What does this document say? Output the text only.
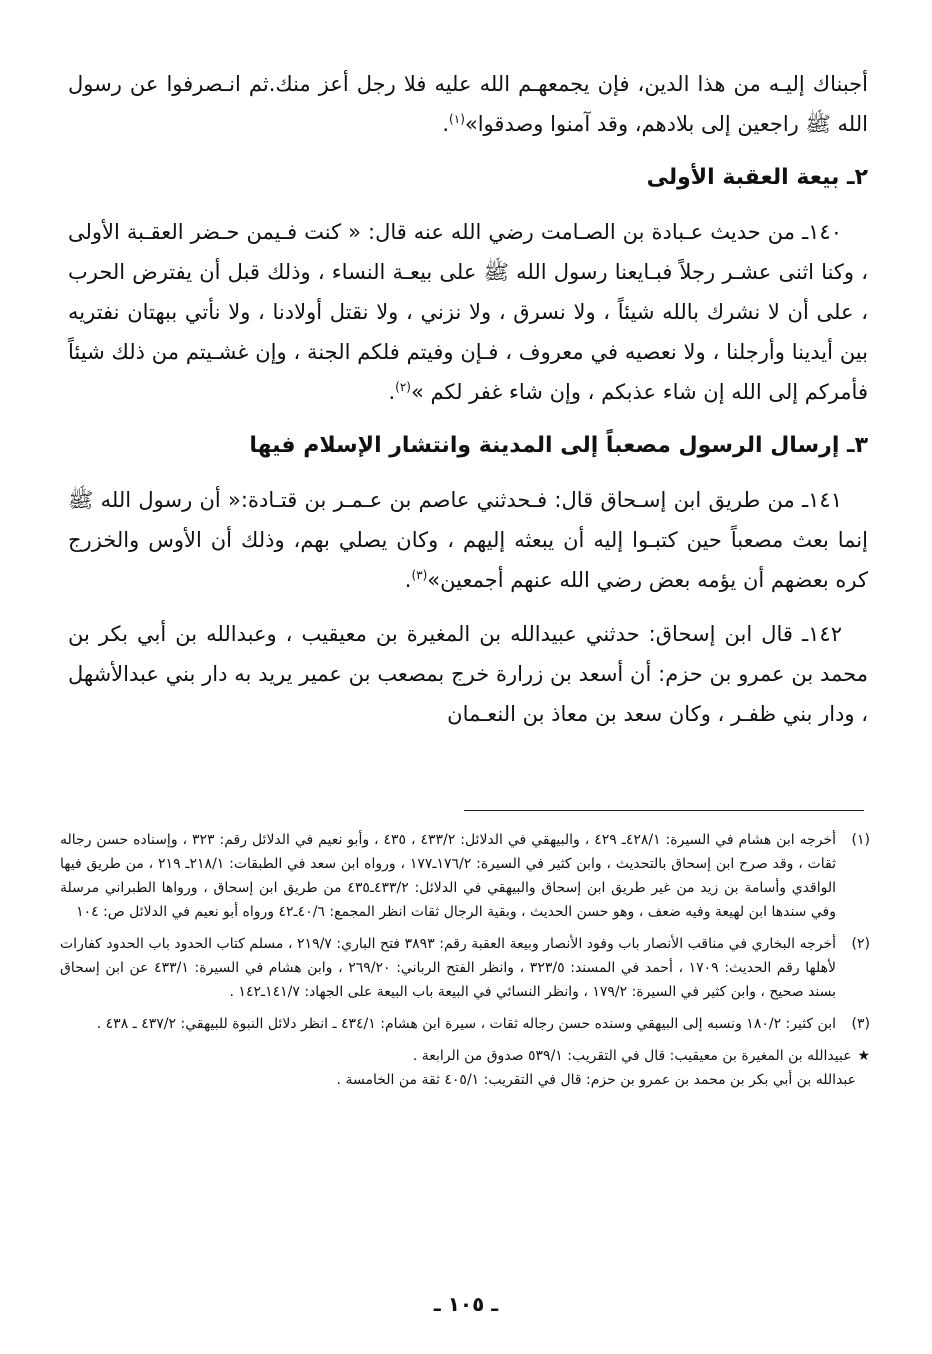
أجبناك إليـه من هذا الدين، فإن يجمعهـم الله عليه فلا رجل أعز منك.ثم انـصرفوا عن رسول الله ﷺ راجعين إلى بلادهم، وقد آمنوا وصدقوا»$^{(١)}$.

٢ـ بيعة العقبة الأولى

١٤٠ـ من حديث عـبادة بن الصـامت رضي الله عنه قال: « كنت فـيمن حـضر العقـبة الأولى ، وكنا اثنى عشـر رجلاً فبـايعنا رسول الله ﷺ على بيعـة النساء ، وذلك قبل أن يفترض الحرب ، على أن لا نشرك بالله شيئاً ، ولا نسرق ، ولا نزني ، ولا نقتل أولادنا ، ولا نأتي ببهتان نفتريه بين أيدينا وأرجلنا ، ولا نعصيه في معروف ، فـإن وفيتم فلكم الجنة ، وإن غشـيتم من ذلك شيئاً فأمركم إلى الله إن شاء عذبكم ، وإن شاء غفر لكم »$^{(٢)}$.

٣ـ إرسال الرسول مصعباً إلى المدينة وانتشار الإسلام فيها

١٤١ـ من طريق ابن إسـحاق قال: فـحدثني عاصم بن عـمـر بن قتـادة:« أن رسول الله ﷺ إنما بعث مصعباً حين كتبـوا إليه أن يبعثه إليهم ، وكان يصلي بهم، وذلك أن الأوس والخزرج كره بعضهم أن يؤمه بعض رضي الله عنهم أجمعين»$^{(٣)}$.

١٤٢ـ قال ابن إسحاق: حدثني عبيدالله بن المغيرة بن معيقيب ، وعبدالله بن أبي بكر بن محمد بن عمرو بن حزم: أن أسعد بن زرارة خرج بمصعب بن عمير يريد به دار بني عبدالأشهل ، ودار بني ظفـر ، وكان سعد بن معاذ بن النعـمان

(١)
أخرجه ابن هشام في السيرة: ٤٢٨/١ـ ٤٢٩ ، والبيهقي في الدلائل: ٤٣٣/٢ ، ٤٣٥ ، وأبو نعيم في الدلائل رقم: ٣٢٣ ، وإسناده حسن رجاله ثقات ، وقد صرح ابن إسحاق بالتحديث ، وابن كثير في السيرة: ١٧٦/٢ـ١٧٧ ، ورواه ابن سعد في الطبقات: ٢١٨/١ـ ٢١٩ ، من طريق فيها الواقدي وأسامة بن زيد من غير طريق ابن إسحاق والبيهقي في الدلائل: ٤٣٣/٢ـ٤٣٥ من طريق ابن إسحاق ، ورواها الطبراني مرسلة وفي سندها ابن لهيعة وفيه ضعف ، وهو حسن الحديث ، وبقية الرجال ثقات انظر المجمع: ٤٠/٦ـ٤٢ ورواه أبو نعيم في الدلائل ص: ١٠٤
(٢)
أخرجه البخاري في مناقب الأنصار باب وفود الأنصار وبيعة العقبة رقم: ٣٨٩٣ فتح الباري: ٢١٩/٧ ، مسلم كتاب الحدود باب الحدود كفارات لأهلها رقم الحديث: ١٧٠٩ ، أحمد في المسند: ٣٢٣/٥ ، وانظر الفتح الرباني: ٢٦٩/٢٠ ، وابن هشام في السيرة: ٤٣٣/١ عن ابن إسحاق بسند صحيح ، وابن كثير في السيرة: ١٧٩/٢ ، وانظر النسائي في البيعة باب البيعة على الجهاد: ١٤١/٧ـ١٤٢ .
(٣)
ابن كثير: ١٨٠/٢ ونسبه إلى البيهقي وسنده حسن رجاله ثقات ، سيرة ابن هشام: ٤٣٤/١ ـ انظر دلائل النبوة للبيهقي: ٤٣٧/٢ ـ ٤٣٨ .

★ عبيدالله بن المغيرة بن معيقيب: قال في التقريب: ٥٣٩/١ صدوق من الرابعة .

عبدالله بن أبي بكر بن محمد بن عمرو بن حزم: قال في التقريب: ٤٠٥/١ ثقة من الخامسة .

ـ ١٠٥ ـ
